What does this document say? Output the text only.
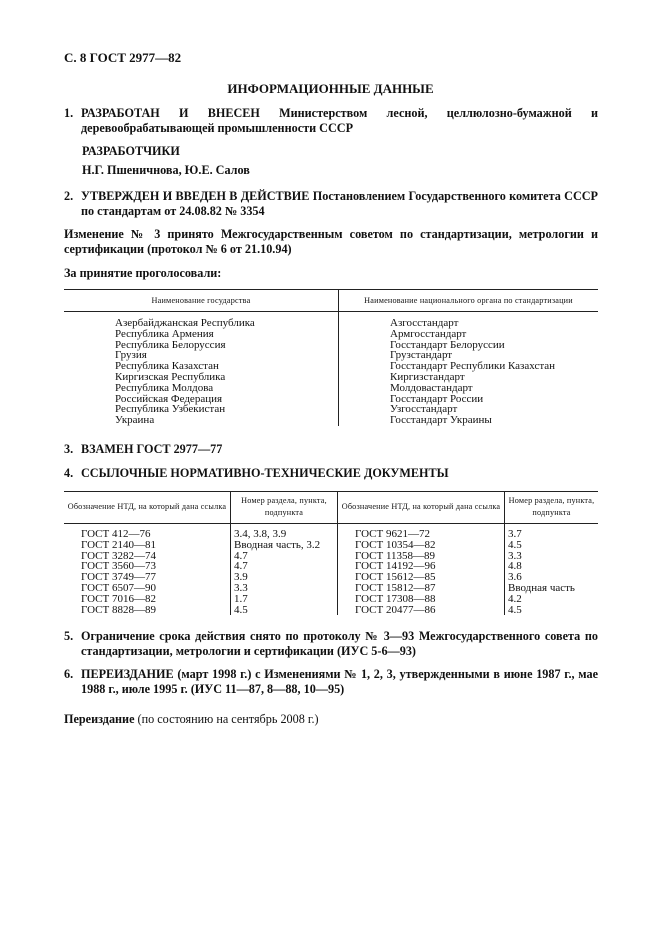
С. 8 ГОСТ 2977—82
ИНФОРМАЦИОННЫЕ ДАННЫЕ
1. РАЗРАБОТАН И ВНЕСЕН Министерством лесной, целлюлозно-бумажной и деревообрабатывающей промышленности СССР
РАЗРАБОТЧИКИ
Н.Г. Пшеничнова, Ю.Е. Салов
2. УТВЕРЖДЕН И ВВЕДЕН В ДЕЙСТВИЕ Постановлением Государственного комитета СССР по стандартам от 24.08.82 № 3354
Изменение № 3 принято Межгосударственным советом по стандартизации, метрологии и сертификации (протокол № 6 от 21.10.94)
За принятие проголосовали:
Наименование государства	Наименование национального органа по стандартизации
Азербайджанская Республика	Азгосстандарт
Республика Армения	Армгосстандарт
Республика Белоруссия	Госстандарт Белоруссии
Грузия	Грузстандарт
Республика Казахстан	Госстандарт Республики Казахстан
Киргизская Республика	Киргизстандарт
Республика Молдова	Молдовастандарт
Российская Федерация	Госстандарт России
Республика Узбекистан	Узгосстандарт
Украина	Госстандарт Украины
3. ВЗАМЕН ГОСТ 2977—77
4. ССЫЛОЧНЫЕ НОРМАТИВНО-ТЕХНИЧЕСКИЕ ДОКУМЕНТЫ
Обозначение НТД, на который дана ссылка	Номер раздела, пункта, подпункта	Обозначение НТД, на который дана ссылка	Номер раздела, пункта, подпункта
ГОСТ 412—76	3.4, 3.8, 3.9	ГОСТ 9621—72	3.7
ГОСТ 2140—81	Вводная часть, 3.2	ГОСТ 10354—82	4.5
ГОСТ 3282—74	4.7	ГОСТ 11358—89	3.3
ГОСТ 3560—73	4.7	ГОСТ 14192—96	4.8
ГОСТ 3749—77	3.9	ГОСТ 15612—85	3.6
ГОСТ 6507—90	3.3	ГОСТ 15812—87	Вводная часть
ГОСТ 7016—82	1.7	ГОСТ 17308—88	4.2
ГОСТ 8828—89	4.5	ГОСТ 20477—86	4.5
5. Ограничение срока действия снято по протоколу № 3—93 Межгосударственного совета по стандартизации, метрологии и сертификации (ИУС 5-6—93)
6. ПЕРЕИЗДАНИЕ (март 1998 г.) с Изменениями № 1, 2, 3, утвержденными в июне 1987 г., мае 1988 г., июле 1995 г. (ИУС 11—87, 8—88, 10—95)
Переиздание (по состоянию на сентябрь 2008 г.)
